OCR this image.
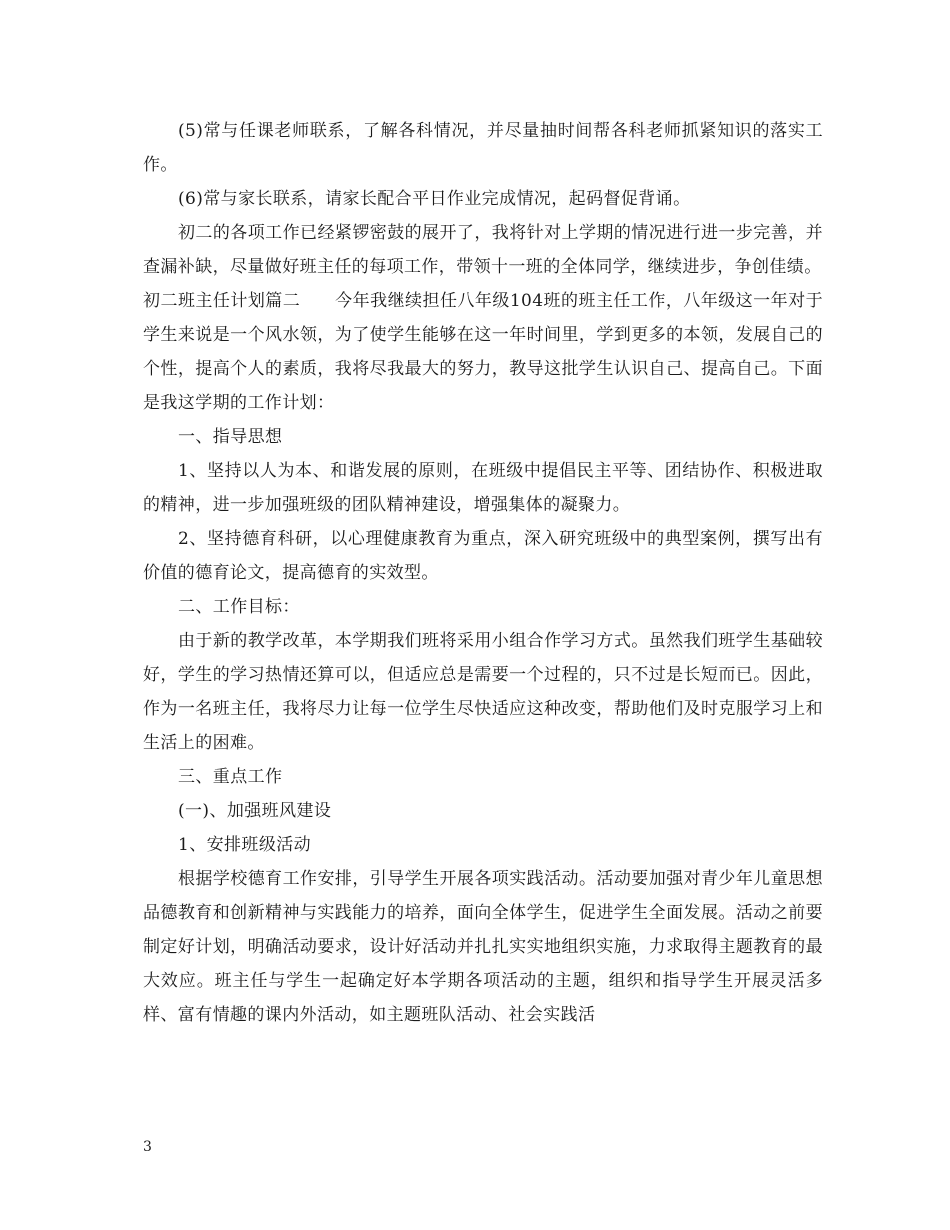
(5)常与任课老师联系，了解各科情况，并尽量抽时间帮各科老师抓紧知识的落实工作。

(6)常与家长联系，请家长配合平日作业完成情况，起码督促背诵。

初二的各项工作已经紧锣密鼓的展开了，我将针对上学期的情况进行进一步完善，并查漏补缺，尽量做好班主任的每项工作，带领十一班的全体同学，继续进步，争创佳绩。

初二班主任计划篇二　　今年我继续担任八年级104班的班主任工作，八年级这一年对于学生来说是一个风水领，为了使学生能够在这一年时间里，学到更多的本领，发展自己的个性，提高个人的素质，我将尽我最大的努力，教导这批学生认识自己、提高自己。下面是我这学期的工作计划：

一、指导思想

1、坚持以人为本、和谐发展的原则，在班级中提倡民主平等、团结协作、积极进取的精神，进一步加强班级的团队精神建设，增强集体的凝聚力。

2、坚持德育科研，以心理健康教育为重点，深入研究班级中的典型案例，撰写出有价值的德育论文，提高德育的实效型。

二、工作目标：

由于新的教学改革，本学期我们班将采用小组合作学习方式。虽然我们班学生基础较好，学生的学习热情还算可以，但适应总是需要一个过程的，只不过是长短而已。因此，作为一名班主任，我将尽力让每一位学生尽快适应这种改变，帮助他们及时克服学习上和生活上的困难。

三、重点工作

(一)、加强班风建设

1、安排班级活动

根据学校德育工作安排，引导学生开展各项实践活动。活动要加强对青少年儿童思想品德教育和创新精神与实践能力的培养，面向全体学生，促进学生全面发展。活动之前要制定好计划，明确活动要求，设计好活动并扎扎实实地组织实施，力求取得主题教育的最大效应。班主任与学生一起确定好本学期各项活动的主题，组织和指导学生开展灵活多样、富有情趣的课内外活动，如主题班队活动、社会实践活

3
